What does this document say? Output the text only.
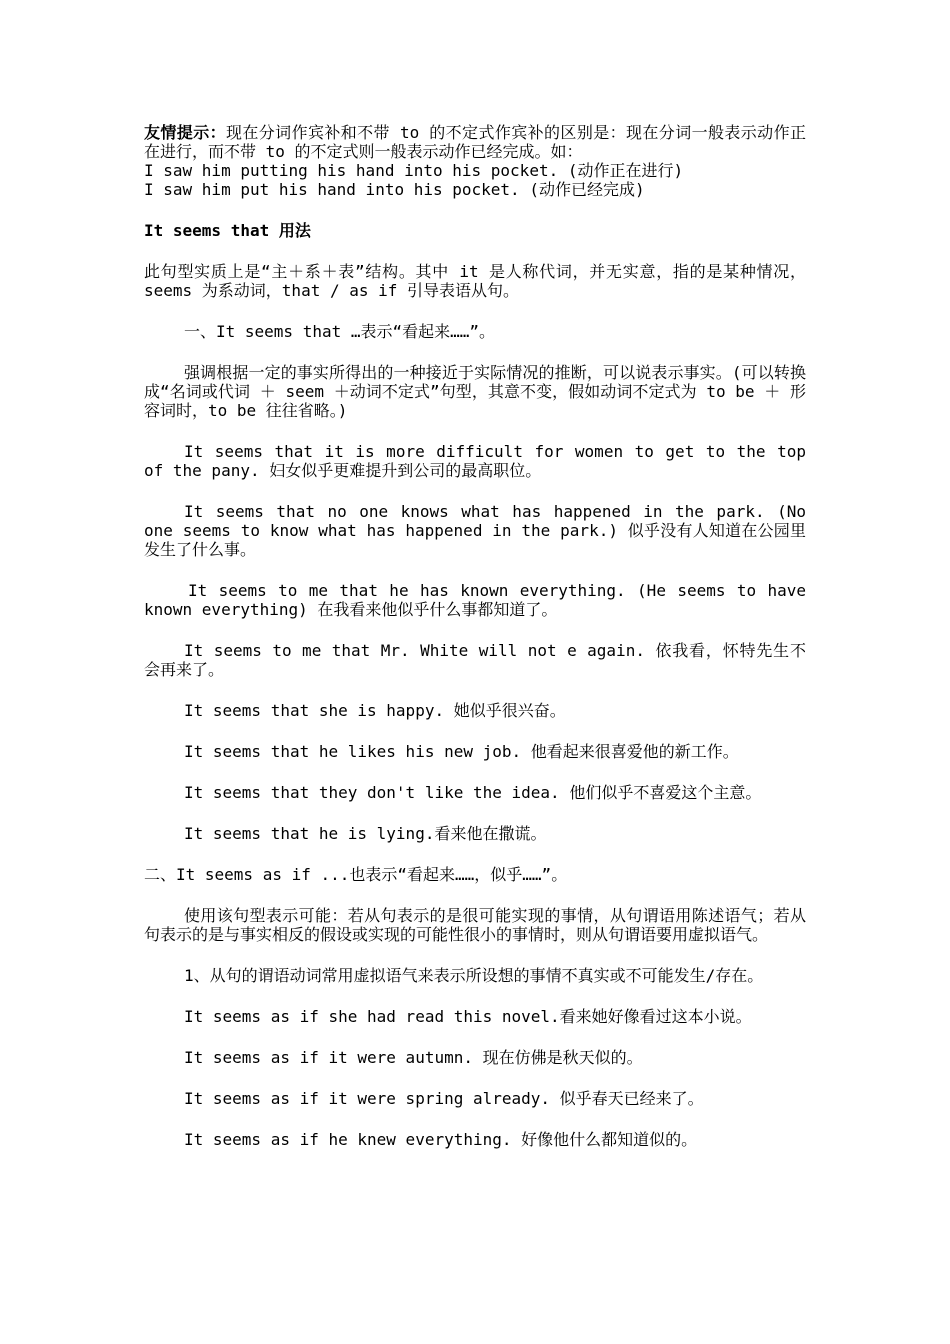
友情提示：现在分词作宾补和不带 to 的不定式作宾补的区别是：现在分词一般表示动作正在进行，而不带 to 的不定式则一般表示动作已经完成。如：

I saw him putting his hand into his pocket. (动作正在进行)

I saw him put his hand into his pocket. (动作已经完成)

It seems that 用法

此句型实质上是“主＋系＋表”结构。其中 it 是人称代词，并无实意，指的是某种情况，seems 为系动词，that / as if 引导表语从句。

一、It seems that …表示“看起来……”。

强调根据一定的事实所得出的一种接近于实际情况的推断，可以说表示事实。(可以转换成“名词或代词 ＋ seem ＋动词不定式”句型，其意不变，假如动词不定式为 to be ＋ 形容词时，to be 往往省略。)

It seems that it is more difficult for women to get to the top of the pany. 妇女似乎更难提升到公司的最高职位。

It seems that no one knows what has happened in the park. (No one seems to know what has happened in the park.) 似乎没有人知道在公园里发生了什么事。

It seems to me that he has known everything. (He seems to have known everything) 在我看来他似乎什么事都知道了。

It seems to me that Mr. White will not e again. 依我看，怀特先生不会再来了。

It seems that she is happy. 她似乎很兴奋。

It seems that he likes his new job. 他看起来很喜爱他的新工作。

It seems that they don't like the idea. 他们似乎不喜爱这个主意。

It seems that he is lying.看来他在撒谎。

二、It seems as if ...也表示“看起来……，似乎……”。

使用该句型表示可能：若从句表示的是很可能实现的事情，从句谓语用陈述语气；若从句表示的是与事实相反的假设或实现的可能性很小的事情时，则从句谓语要用虚拟语气。

1、从句的谓语动词常用虚拟语气来表示所设想的事情不真实或不可能发生/存在。

It seems as if she had read this novel.看来她好像看过这本小说。

It seems as if it were autumn. 现在仿佛是秋天似的。

It seems as if it were spring already. 似乎春天已经来了。

It seems as if he knew everything. 好像他什么都知道似的。
